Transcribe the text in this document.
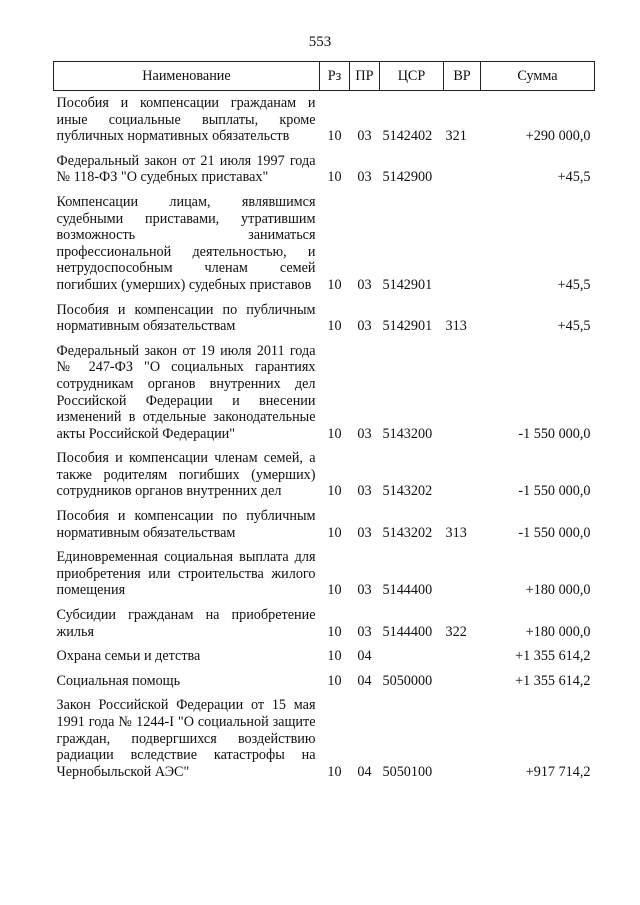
553
Наименование	Рз	ПР	ЦСР	ВР	Сумма
Пособия и компенсации гражданам и иные социальные выплаты, кроме публичных нормативных обязательств	10	03	5142402	321	+290 000,0
Федеральный закон от 21 июля 1997 года № 118-ФЗ "О судебных приставах"	10	03	5142900		+45,5
Компенсации лицам, являвшимся судебными приставами, утратившим возможность заниматься профессиональной деятельностью, и нетрудоспособным членам семей погибших (умерших) судебных приставов	10	03	5142901		+45,5
Пособия и компенсации по публичным нормативным обязательствам	10	03	5142901	313	+45,5
Федеральный закон от 19 июля 2011 года № 247-ФЗ "О социальных гарантиях сотрудникам органов внутренних дел Российской Федерации и внесении изменений в отдельные законодательные акты Российской Федерации"	10	03	5143200		-1 550 000,0
Пособия и компенсации членам семей, а также родителям погибших (умерших) сотрудников органов внутренних дел	10	03	5143202		-1 550 000,0
Пособия и компенсации по публичным нормативным обязательствам	10	03	5143202	313	-1 550 000,0
Единовременная социальная выплата для приобретения или строительства жилого помещения	10	03	5144400		+180 000,0
Субсидии гражданам на приобретение жилья	10	03	5144400	322	+180 000,0
Охрана семьи и детства	10	04			+1 355 614,2
Социальная помощь	10	04	5050000		+1 355 614,2
Закон Российской Федерации от 15 мая 1991 года № 1244-I "О социальной защите граждан, подвергшихся воздействию радиации вследствие катастрофы на Чернобыльской АЭС"	10	04	5050100		+917 714,2
